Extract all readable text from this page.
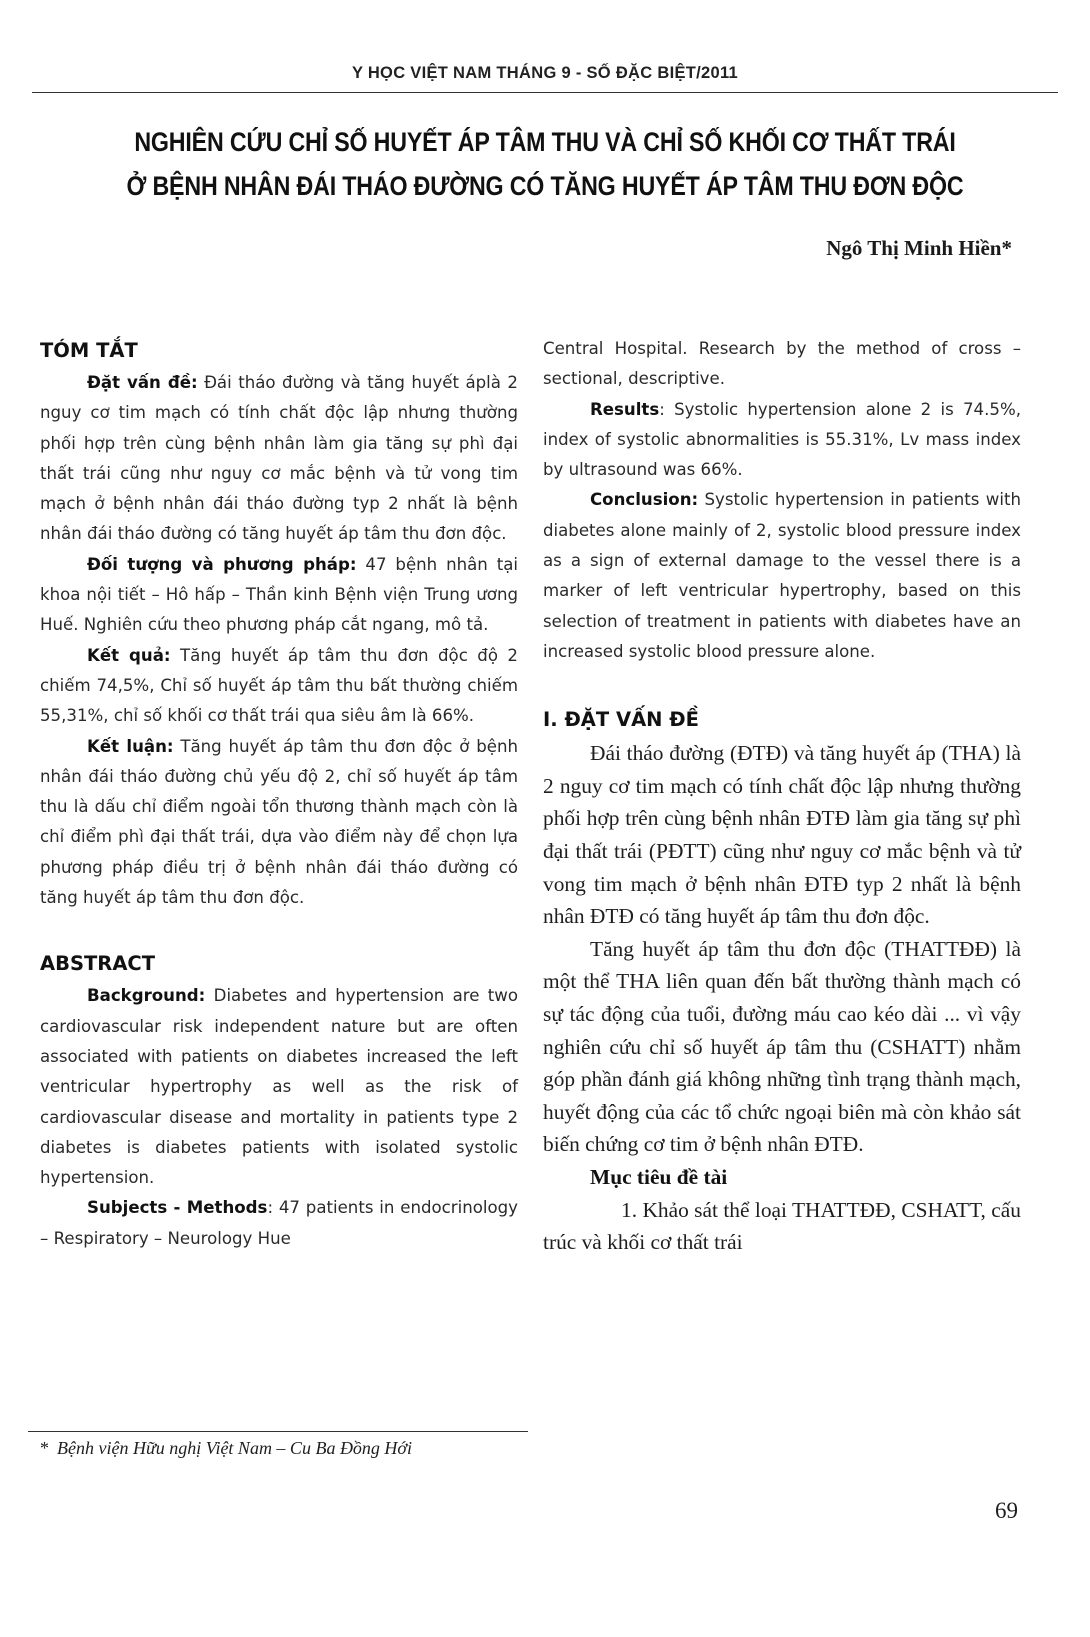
Y HỌC VIỆT NAM THÁNG 9 - SỐ ĐẶC BIỆT/2011
NGHIÊN CỨU CHỈ SỐ HUYẾT ÁP TÂM THU VÀ CHỈ SỐ KHỐI CƠ THẤT TRÁI
Ở BỆNH NHÂN ĐÁI THÁO ĐƯỜNG CÓ TĂNG HUYẾT ÁP TÂM THU ĐƠN ĐỘC
Ngô Thị Minh Hiền*
TÓM TẮT

Đặt vấn đề: Đái tháo đường và tăng huyết áplà 2 nguy cơ tim mạch có tính chất độc lập nhưng thường phối hợp trên cùng bệnh nhân làm gia tăng sự phì đại thất trái cũng như nguy cơ mắc bệnh và tử vong tim mạch ở bệnh nhân đái tháo đường typ 2 nhất là bệnh nhân đái tháo đường có tăng huyết áp tâm thu đơn độc.

Đối tượng và phương pháp: 47 bệnh nhân tại khoa nội tiết – Hô hấp – Thần kinh Bệnh viện Trung ương Huế. Nghiên cứu theo phương pháp cắt ngang, mô tả.

Kết quả: Tăng huyết áp tâm thu đơn độc độ 2 chiếm 74,5%, Chỉ số huyết áp tâm thu bất thường chiếm 55,31%, chỉ số khối cơ thất trái qua siêu âm là 66%.

Kết luận: Tăng huyết áp tâm thu đơn độc ở bệnh nhân đái tháo đường chủ yếu độ 2, chỉ số huyết áp tâm thu là dấu chỉ điểm ngoài tổn thương thành mạch còn là chỉ điểm phì đại thất trái, dựa vào điểm này để chọn lựa phương pháp điều trị ở bệnh nhân đái tháo đường có tăng huyết áp tâm thu đơn độc.

ABSTRACT

Background: Diabetes and hypertension are two cardiovascular risk independent nature but are often associated with patients on diabetes increased the left ventricular hypertrophy as well as the risk of cardiovascular disease and mortality in patients type 2 diabetes is diabetes patients with isolated systolic hypertension.

Subjects - Methods: 47 patients in endocrinology – Respiratory – Neurology Hue

Central Hospital. Research by the method of cross – sectional, descriptive.

Results: Systolic hypertension alone 2 is 74.5%, index of systolic abnormalities is 55.31%, Lv mass index by ultrasound was 66%.

Conclusion: Systolic hypertension in patients with diabetes alone mainly of 2, systolic blood pressure index as a sign of external damage to the vessel there is a marker of left ventricular hypertrophy, based on this selection of treatment in patients with diabetes have an increased systolic blood pressure alone.

I. ĐẶT VẤN ĐỀ

Đái tháo đường (ĐTĐ) và tăng huyết áp (THA) là 2 nguy cơ tim mạch có tính chất độc lập nhưng thường phối hợp trên cùng bệnh nhân ĐTĐ làm gia tăng sự phì đại thất trái (PĐTT) cũng như nguy cơ mắc bệnh và tử vong tim mạch ở bệnh nhân ĐTĐ typ 2 nhất là bệnh nhân ĐTĐ có tăng huyết áp tâm thu đơn độc.

Tăng huyết áp tâm thu đơn độc (THATTĐĐ) là một thể THA liên quan đến bất thường thành mạch có sự tác động của tuổi, đường máu cao kéo dài ... vì vậy nghiên cứu chỉ số huyết áp tâm thu (CSHATT) nhằm góp phần đánh giá không những tình trạng thành mạch, huyết động của các tổ chức ngoại biên mà còn khảo sát biến chứng cơ tim ở bệnh nhân ĐTĐ.

Mục tiêu đề tài

1. Khảo sát thể loại THATTĐĐ, CSHATT, cấu trúc và khối cơ thất trái

* Bệnh viện Hữu nghị Việt Nam – Cu Ba Đồng Hới
69
